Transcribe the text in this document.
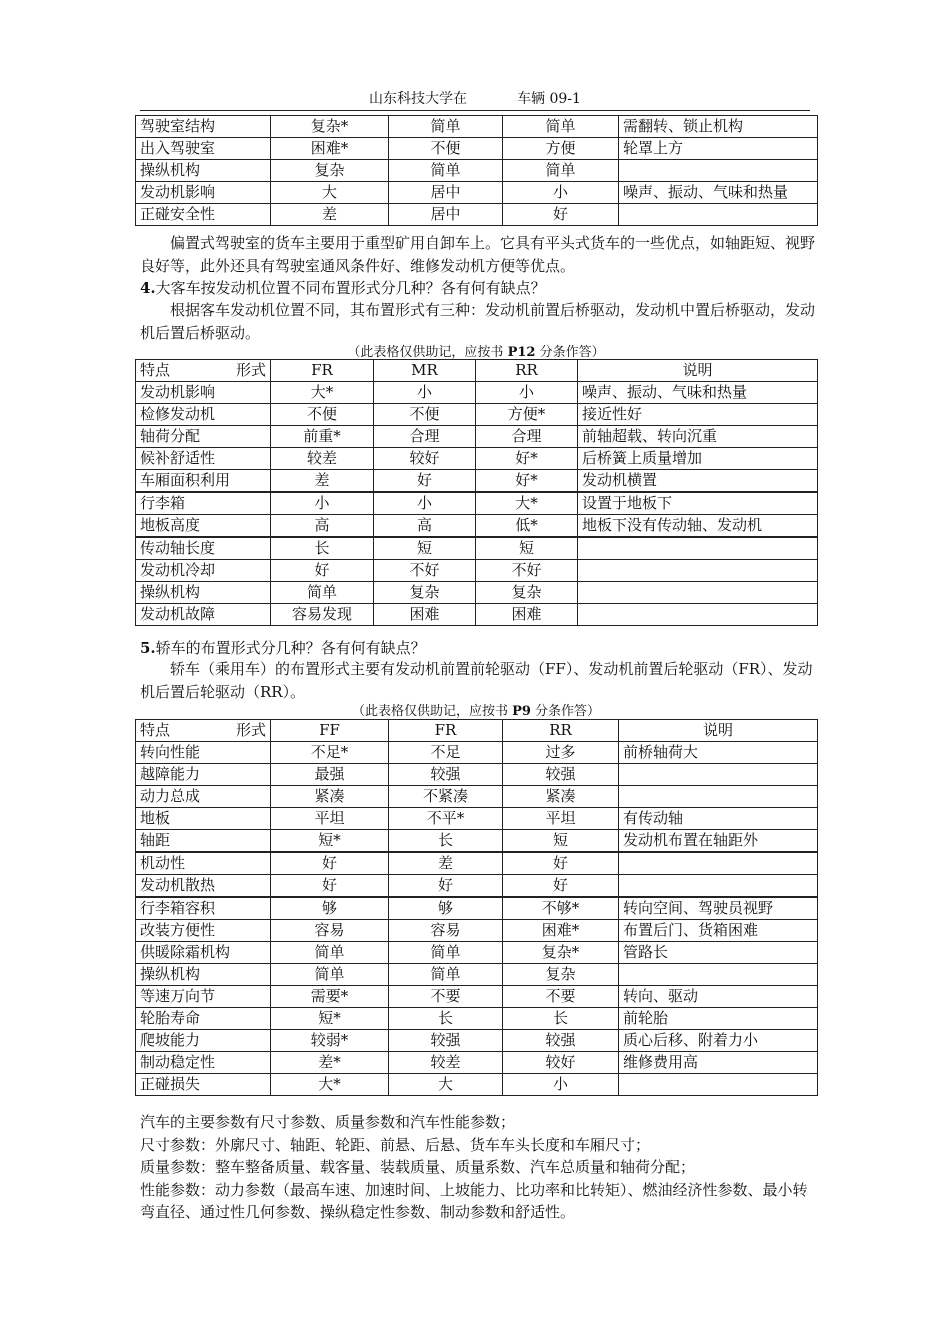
山东科技大学在	车辆 09-1
驾驶室结构	复杂*	简单	简单	需翻转、锁止机构
出入驾驶室	困难*	不便	方便	轮罩上方
操纵机构	复杂	简单	简单	
发动机影响	大	居中	小	噪声、振动、气味和热量
正碰安全性	差	居中	好	
偏置式驾驶室的货车主要用于重型矿用自卸车上。它具有平头式货车的一些优点，如轴距短、视野良好等，此外还具有驾驶室通风条件好、维修发动机方便等优点。
4.大客车按发动机位置不同布置形式分几种？各有何有缺点？
根据客车发动机位置不同，其布置形式有三种：发动机前置后桥驱动，发动机中置后桥驱动，发动机后置后桥驱动。
（此表格仅供助记，应按书 P12 分条作答）
特点 形式	FR	MR	RR	说明
发动机影响	大*	小	小	噪声、振动、气味和热量
检修发动机	不便	不便	方便*	接近性好
轴荷分配	前重*	合理	合理	前轴超载、转向沉重
候补舒适性	较差	较好	好*	后桥簧上质量增加
车厢面积利用	差	好	好*	发动机横置
行李箱	小	小	大*	设置于地板下
地板高度	高	高	低*	地板下没有传动轴、发动机
传动轴长度	长	短	短	
发动机冷却	好	不好	不好	
操纵机构	简单	复杂	复杂	
发动机故障	容易发现	困难	困难	
5.轿车的布置形式分几种？各有何有缺点？
轿车（乘用车）的布置形式主要有发动机前置前轮驱动（FF）、发动机前置后轮驱动（FR）、发动机后置后轮驱动（RR）。
（此表格仅供助记，应按书 P9 分条作答）
特点 形式	FF	FR	RR	说明
转向性能	不足*	不足	过多	前桥轴荷大
越障能力	最强	较强	较强	
动力总成	紧凑	不紧凑	紧凑	
地板	平坦	不平*	平坦	有传动轴
轴距	短*	长	短	发动机布置在轴距外
机动性	好	差	好	
发动机散热	好	好	好	
行李箱容积	够	够	不够*	转向空间、驾驶员视野
改装方便性	容易	容易	困难*	布置后门、货箱困难
供暖除霜机构	简单	简单	复杂*	管路长
操纵机构	简单	简单	复杂	
等速万向节	需要*	不要	不要	转向、驱动
轮胎寿命	短*	长	长	前轮胎
爬坡能力	较弱*	较强	较强	质心后移、附着力小
制动稳定性	差*	较差	较好	维修费用高
正碰损失	大*	大	小	
汽车的主要参数有尺寸参数、质量参数和汽车性能参数；
尺寸参数：外廓尺寸、轴距、轮距、前悬、后悬、货车车头长度和车厢尺寸；
质量参数：整车整备质量、载客量、装载质量、质量系数、汽车总质量和轴荷分配；
性能参数：动力参数（最高车速、加速时间、上坡能力、比功率和比转矩）、燃油经济性参数、最小转弯直径、通过性几何参数、操纵稳定性参数、制动参数和舒适性。
